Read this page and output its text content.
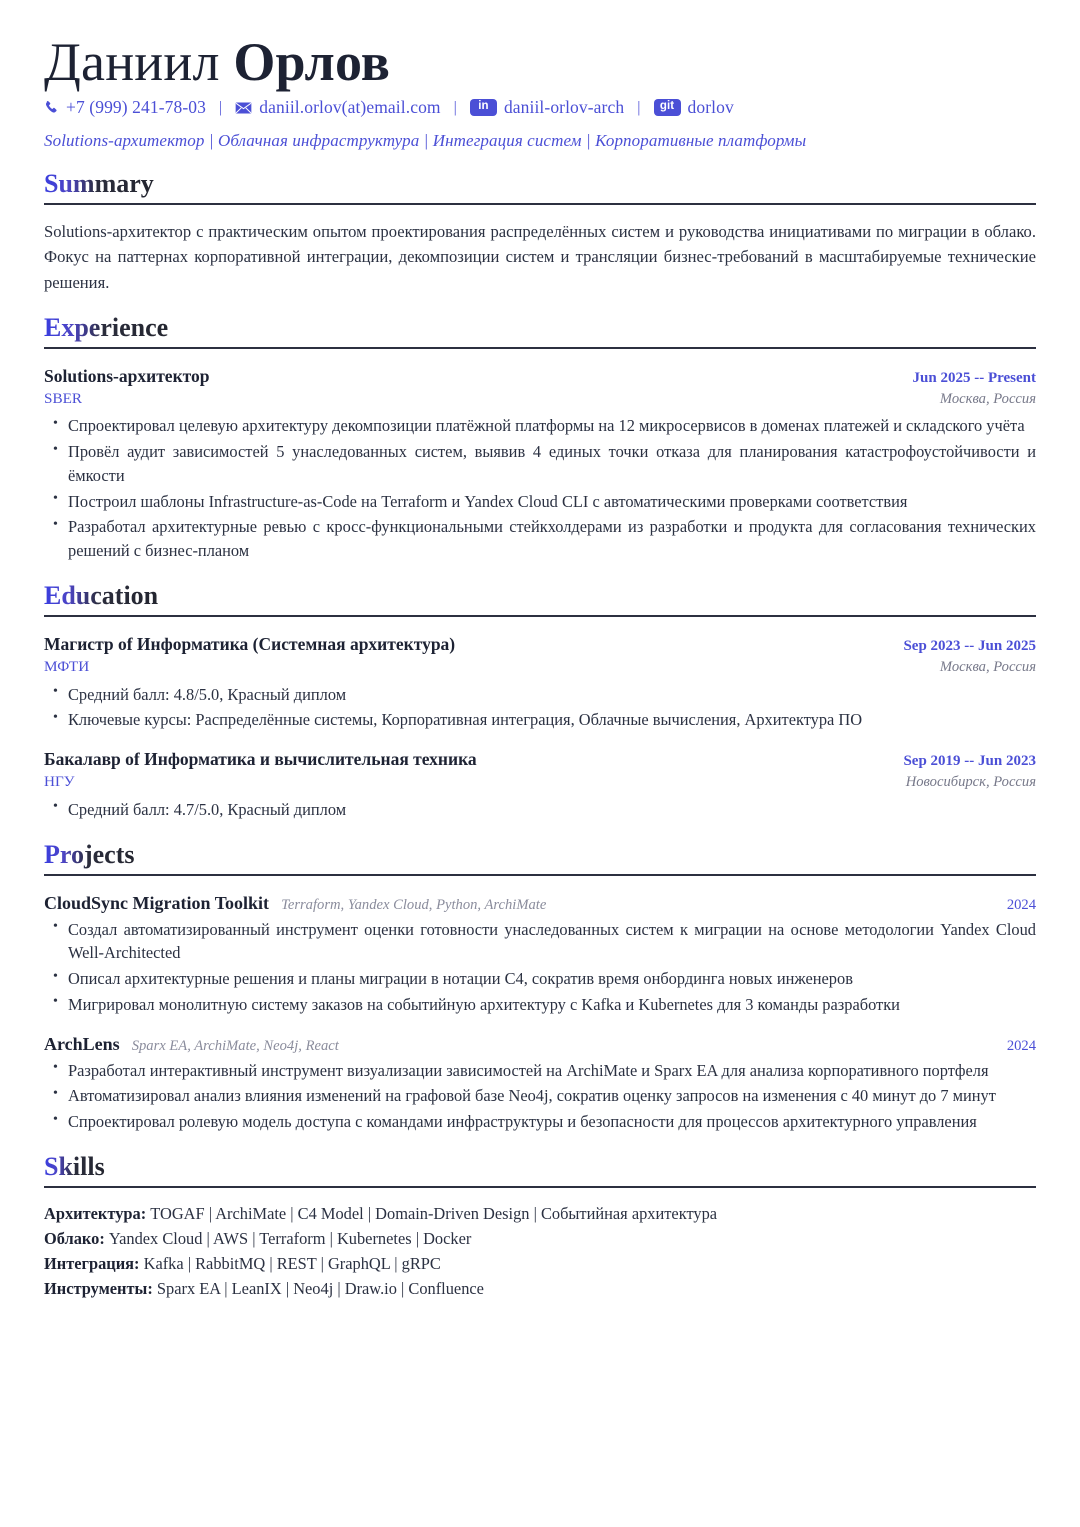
Даниил Орлов
+7 (999) 241-78-03 |	daniil.orlov(at)email.com |	in daniil-orlov-arch |	git dorlov
Solutions-архитектор | Облачная инфраструктура | Интеграция систем | Корпоративные платформы
Summary

Solutions-архитектор с практическим опытом проектирования распределённых систем и руководства инициативами по миграции в облако. Фокус на паттернах корпоративной интеграции, декомпозиции систем и трансляции бизнес-требований в масштабируемые технические решения.

Experience
Solutions-архитектор	Jun 2025 -- Present
SBER	Москва, Россия
• Спроектировал целевую архитектуру декомпозиции платёжной платформы на 12 микросервисов в доменах платежей и складского учёта
• Провёл аудит зависимостей 5 унаследованных систем, выявив 4 единых точки отказа для планирования катастрофоустойчивости и ёмкости
• Построил шаблоны Infrastructure-as-Code на Terraform и Yandex Cloud CLI с автоматическими проверками соответствия
• Разработал архитектурные ревью с кросс-функциональными стейкхолдерами из разработки и продукта для согласования технических решений с бизнес-планом
Education
Магистр of Информатика (Системная архитектура)	Sep 2023 -- Jun 2025
МФТИ	Москва, Россия
• Средний балл: 4.8/5.0, Красный диплом
• Ключевые курсы: Распределённые системы, Корпоративная интеграция, Облачные вычисления, Архитектура ПО
Бакалавр of Информатика и вычислительная техника	Sep 2019 -- Jun 2023
НГУ	Новосибирск, Россия
• Средний балл: 4.7/5.0, Красный диплом
Projects
CloudSync Migration Toolkit Terraform, Yandex Cloud, Python, ArchiMate	2024
• Создал автоматизированный инструмент оценки готовности унаследованных систем к миграции на основе методологии Yandex Cloud Well-Architected
• Описал архитектурные решения и планы миграции в нотации C4, сократив время онбординга новых инженеров
• Мигрировал монолитную систему заказов на событийную архитектуру с Kafka и Kubernetes для 3 команды разработки
ArchLens Sparx EA, ArchiMate, Neo4j, React	2024
• Разработал интерактивный инструмент визуализации зависимостей на ArchiMate и Sparx EA для анализа корпоративного портфеля
• Автоматизировал анализ влияния изменений на графовой базе Neo4j, сократив оценку запросов на изменения с 40 минут до 7 минут
• Спроектировал ролевую модель доступа с командами инфраструктуры и безопасности для процессов архитектурного управления
Skills
Архитектура: TOGAF | ArchiMate | C4 Model | Domain-Driven Design | Событийная архитектура
Облако: Yandex Cloud | AWS | Terraform | Kubernetes | Docker
Интеграция: Kafka | RabbitMQ | REST | GraphQL | gRPC
Инструменты: Sparx EA | LeanIX | Neo4j | Draw.io | Confluence
